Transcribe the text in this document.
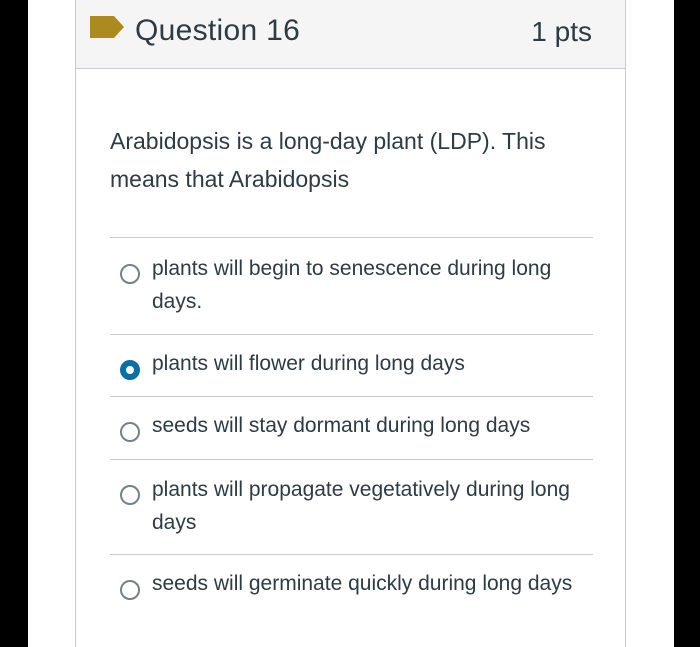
Question 16	1 pts
Arabidopsis is a long-day plant (LDP). This means that Arabidopsis
plants will begin to senescence during long days.
plants will flower during long days
seeds will stay dormant during long days
plants will propagate vegetatively during long days
seeds will germinate quickly during long days
